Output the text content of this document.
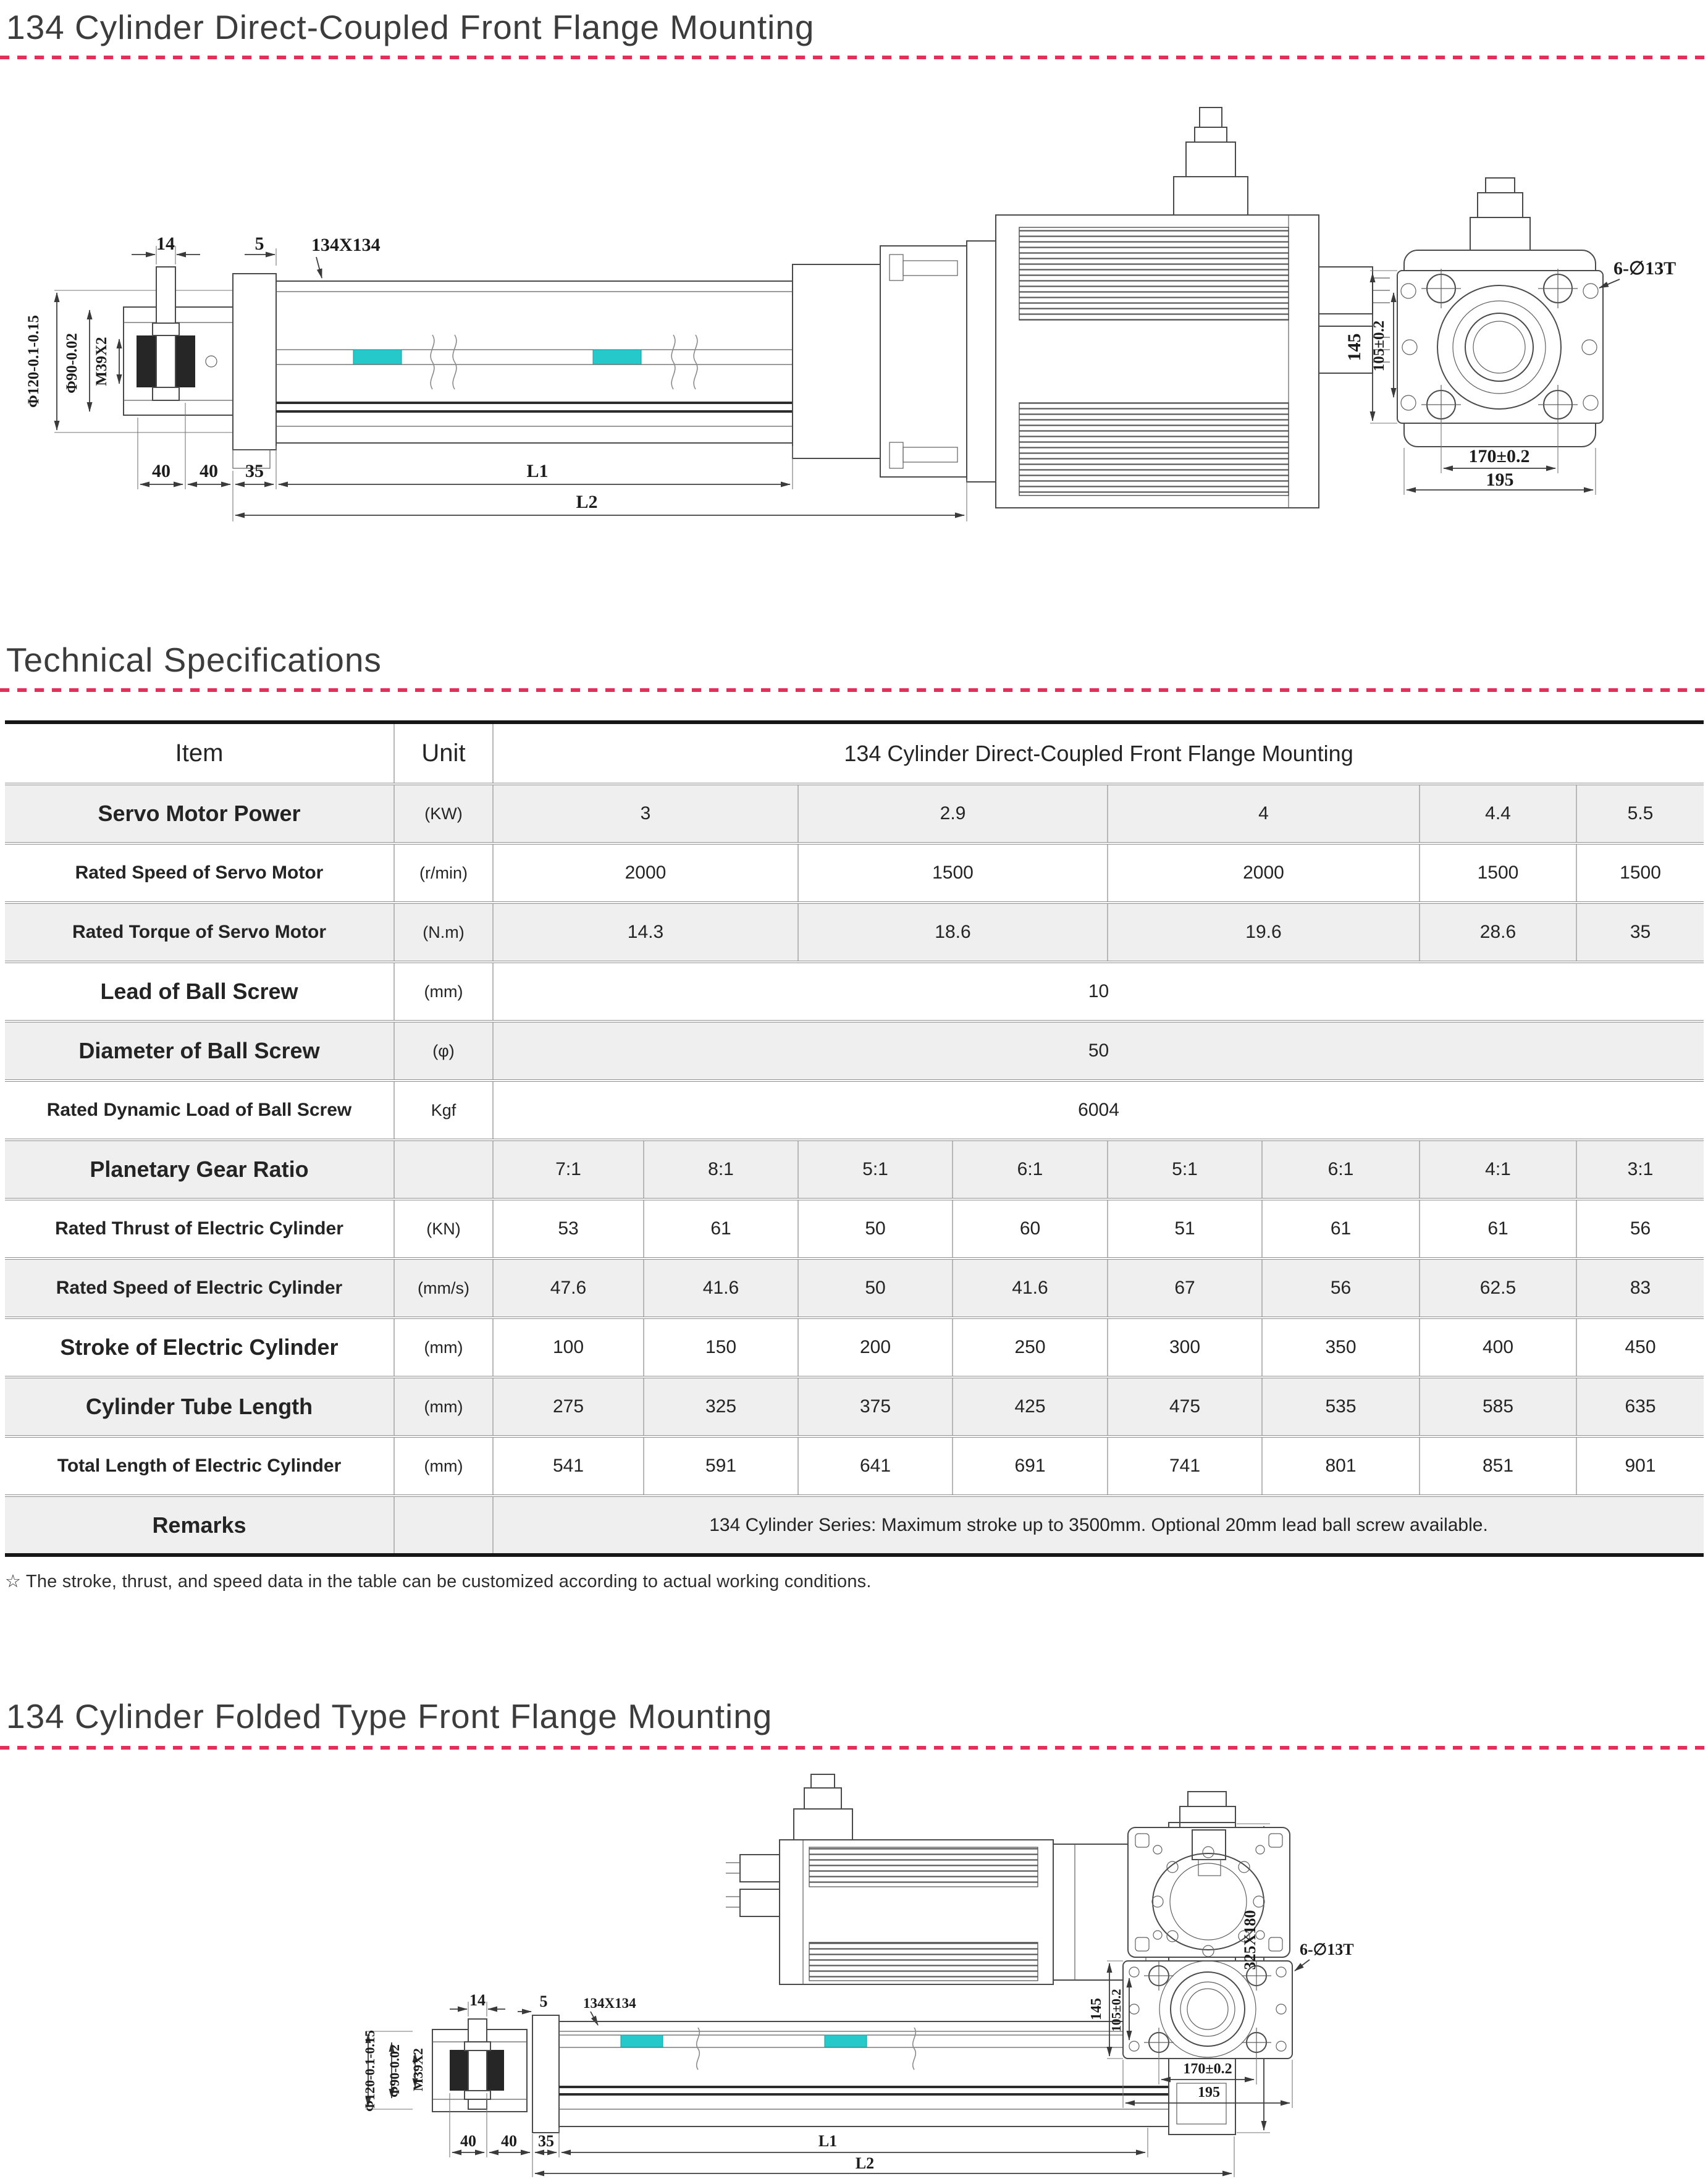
14	5	134X134
Φ120-0.1-0.15 Φ90-0.02 M39X2
40 40 35	L1
L2
145 105±0.2
170±0.2
195
6-∅13T
14	5	134X134
Φ120-0.1-0.15 Φ90-0.02 M39X2
40 40 35	L1
L2
325X180
145 105±0.2
170±0.2
195
6-∅13T
134 Cylinder Direct-Coupled Front Flange Mounting
Technical Specifications
Item	Unit	134 Cylinder Direct-Coupled Front Flange Mounting							
Servo Motor Power	(KW)	3		2.9		4		4.4	5.5
Rated Speed of Servo Motor	(r/min)	2000		1500		2000		1500	1500
Rated Torque of Servo Motor	(N.m)	14.3		18.6		19.6		28.6	35
Lead of Ball Screw	(mm)	10							
Diameter of Ball Screw	(φ)	50							
Rated Dynamic Load of Ball Screw	Kgf	6004							
Planetary Gear Ratio		7:1	8:1	5:1	6:1	5:1	6:1	4:1	3:1
Rated Thrust of Electric Cylinder	(KN)	53	61	50	60	51	61	61	56
Rated Speed of Electric Cylinder	(mm/s)	47.6	41.6	50	41.6	67	56	62.5	83
Stroke of Electric Cylinder	(mm)	100	150	200	250	300	350	400	450
Cylinder Tube Length	(mm)	275	325	375	425	475	535	585	635
Total Length of Electric Cylinder	(mm)	541	591	641	691	741	801	851	901
Remarks		134 Cylinder Series: Maximum stroke up to 3500mm. Optional 20mm lead ball screw available.							
☆ The stroke, thrust, and speed data in the table can be customized according to actual working conditions.
134 Cylinder Folded Type Front Flange Mounting
